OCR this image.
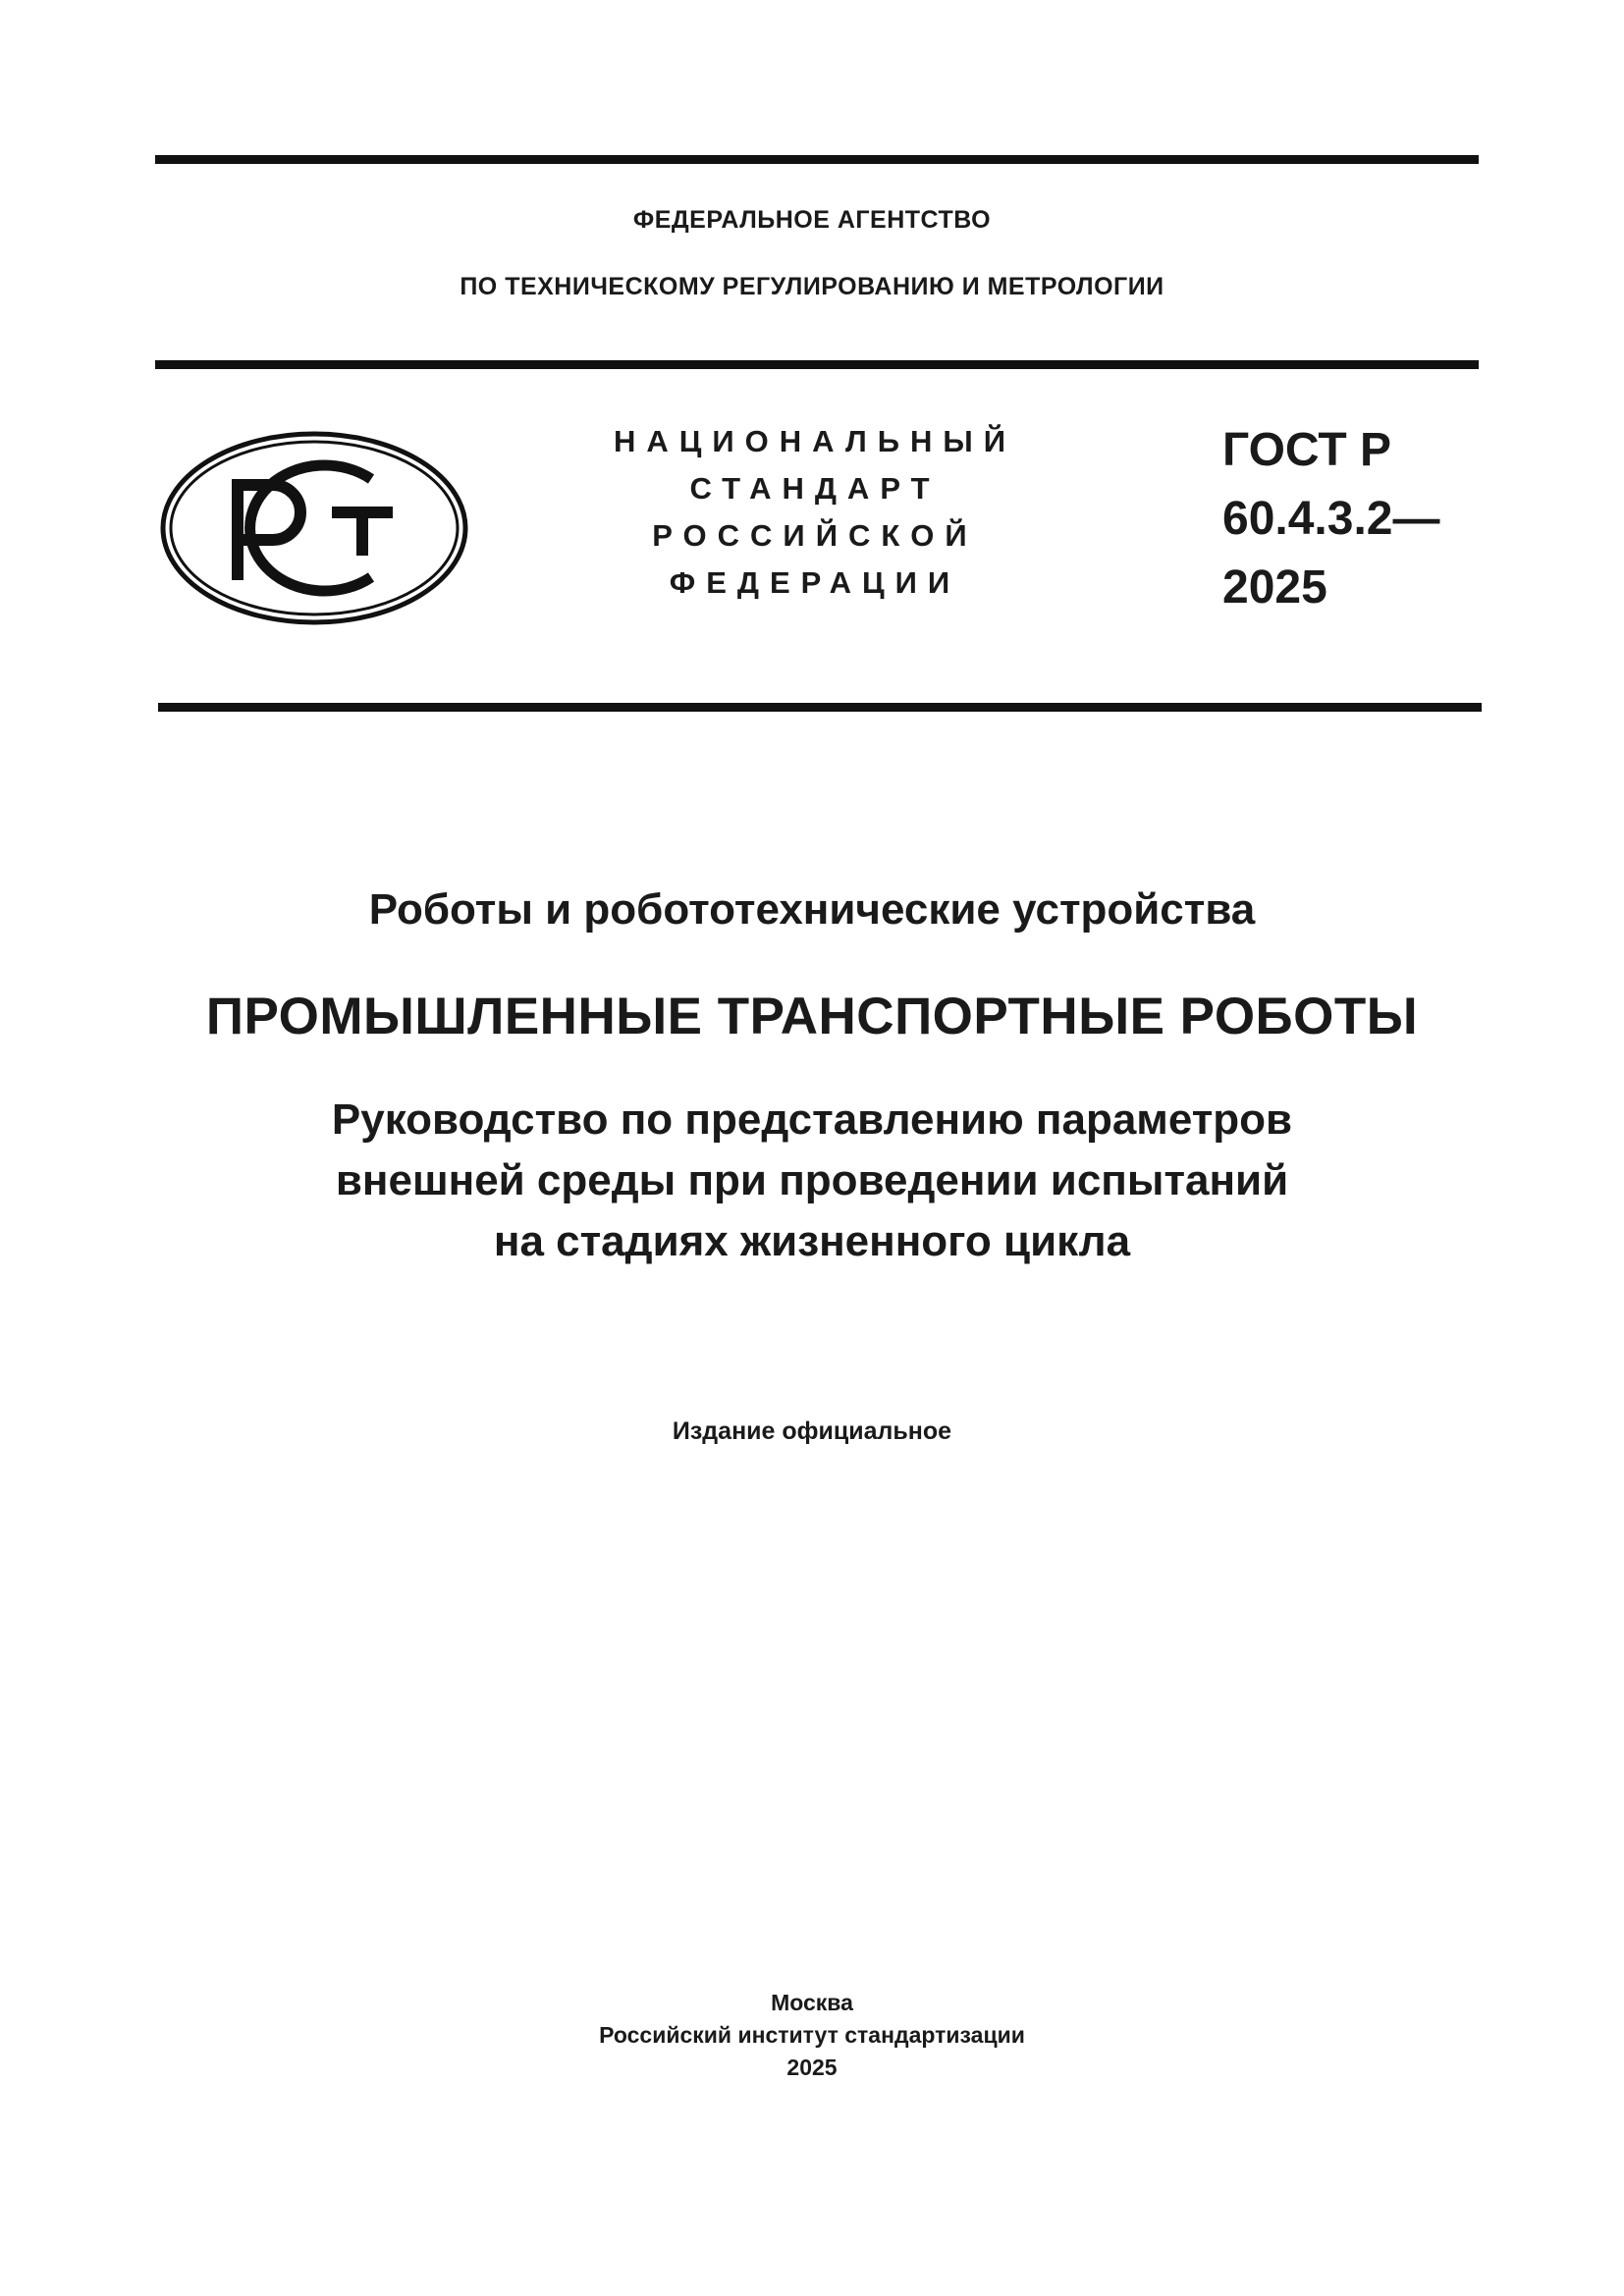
ФЕДЕРАЛЬНОЕ АГЕНТСТВО
ПО ТЕХНИЧЕСКОМУ РЕГУЛИРОВАНИЮ И МЕТРОЛОГИИ
НАЦИОНАЛЬНЫЙ
СТАНДАРТ
РОССИЙСКОЙ
ФЕДЕРАЦИИ
ГОСТ Р
60.4.3.2—
2025
Роботы и робототехнические устройства
ПРОМЫШЛЕННЫЕ ТРАНСПОРТНЫЕ РОБОТЫ
Руководство по представлению параметров
внешней среды при проведении испытаний
на стадиях жизненного цикла
Издание официальное
Москва
Российский институт стандартизации
2025
